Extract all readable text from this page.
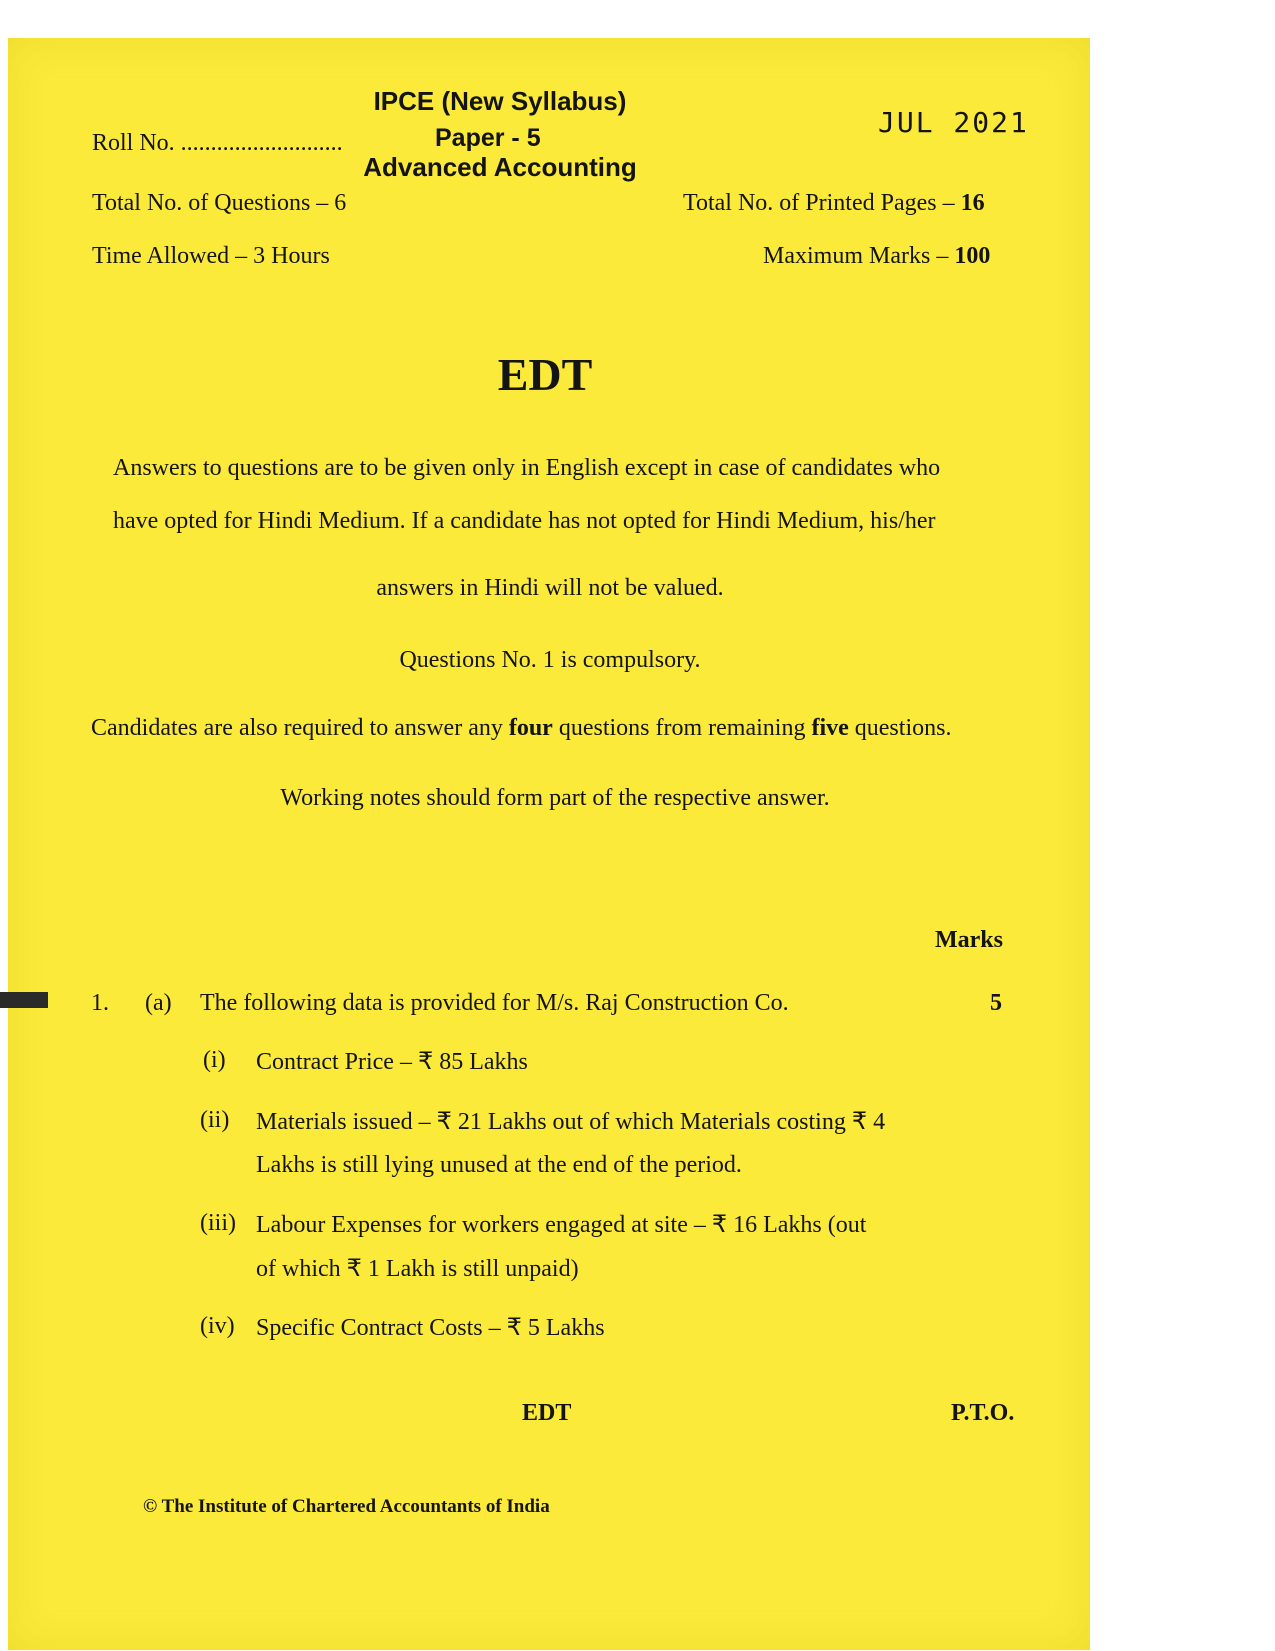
IPCE (New Syllabus)
Roll No. ...........................	Paper - 5
Advanced Accounting
JUL 2021
Total No. of Questions – 6	Total No. of Printed Pages – 16
Time Allowed – 3 Hours	Maximum Marks – 100
EDT
Answers to questions are to be given only in English except in case of candidates who
have opted for Hindi Medium. If a candidate has not opted for Hindi Medium, his/her
answers in Hindi will not be valued.
Questions No. 1 is compulsory.
Candidates are also required to answer any four questions from remaining five questions.
Working notes should form part of the respective answer.
Marks
1. (a) The following data is provided for M/s. Raj Construction Co.	5
(i) Contract Price – ₹ 85 Lakhs
(ii) Materials issued – ₹ 21 Lakhs out of which Materials costing ₹ 4
Lakhs is still lying unused at the end of the period.
(iii) Labour Expenses for workers engaged at site – ₹ 16 Lakhs (out
of which ₹ 1 Lakh is still unpaid)
(iv) Specific Contract Costs – ₹ 5 Lakhs
EDT	P.T.O.
© The Institute of Chartered Accountants of India
